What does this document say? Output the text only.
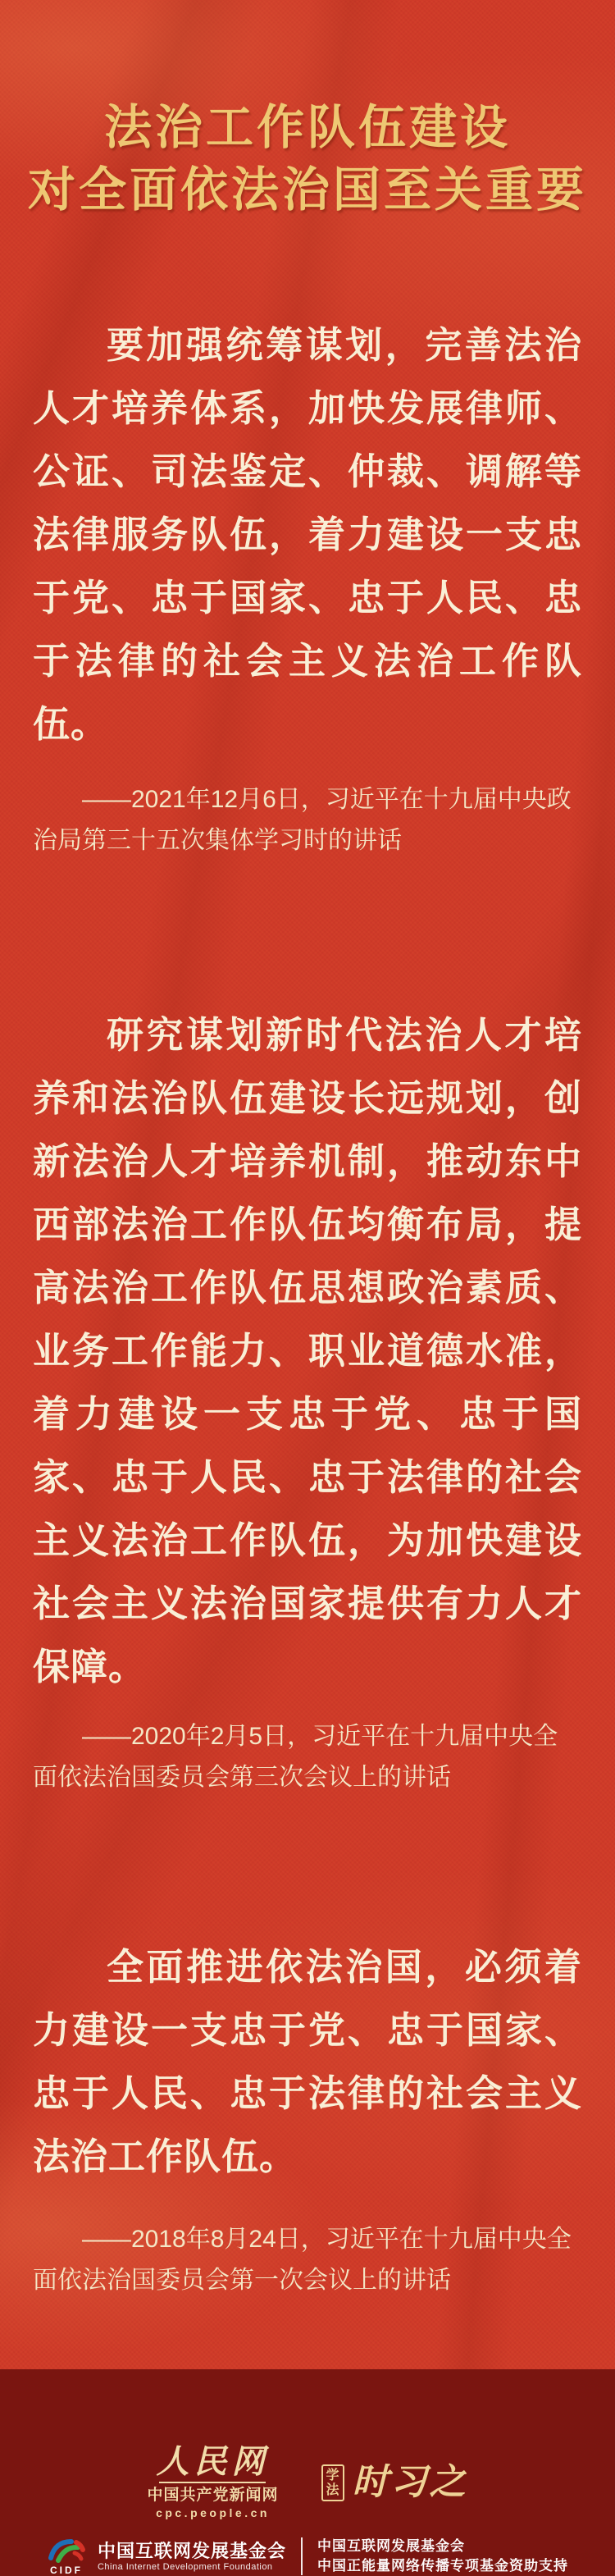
法治工作队伍建设
对全面依法治国至关重要

要加强统筹谋划，完善法治人才培养体系，加快发展律师、公证、司法鉴定、仲裁、调解等法律服务队伍，着力建设一支忠于党、忠于国家、忠于人民、忠于法律的社会主义法治工作队伍。

——2021年12月6日，习近平在十九届中央政治局第三十五次集体学习时的讲话

研究谋划新时代法治人才培养和法治队伍建设长远规划，创新法治人才培养机制，推动东中西部法治工作队伍均衡布局，提高法治工作队伍思想政治素质、业务工作能力、职业道德水准，着力建设一支忠于党、忠于国家、忠于人民、忠于法律的社会主义法治工作队伍，为加快建设社会主义法治国家提供有力人才保障。

——2020年2月5日，习近平在十九届中央全面依法治国委员会第三次会议上的讲话

全面推进依法治国，必须着力建设一支忠于党、忠于国家、忠于人民、忠于法律的社会主义法治工作队伍。

——2018年8月24日，习近平在十九届中央全面依法治国委员会第一次会议上的讲话

人民网
中国共产党新闻网
cpc.people.cn
学
法 时习之
CIDF
中国互联网发展基金会
China Internet Development Foundation
中国互联网发展基金会
中国正能量网络传播专项基金资助支持
